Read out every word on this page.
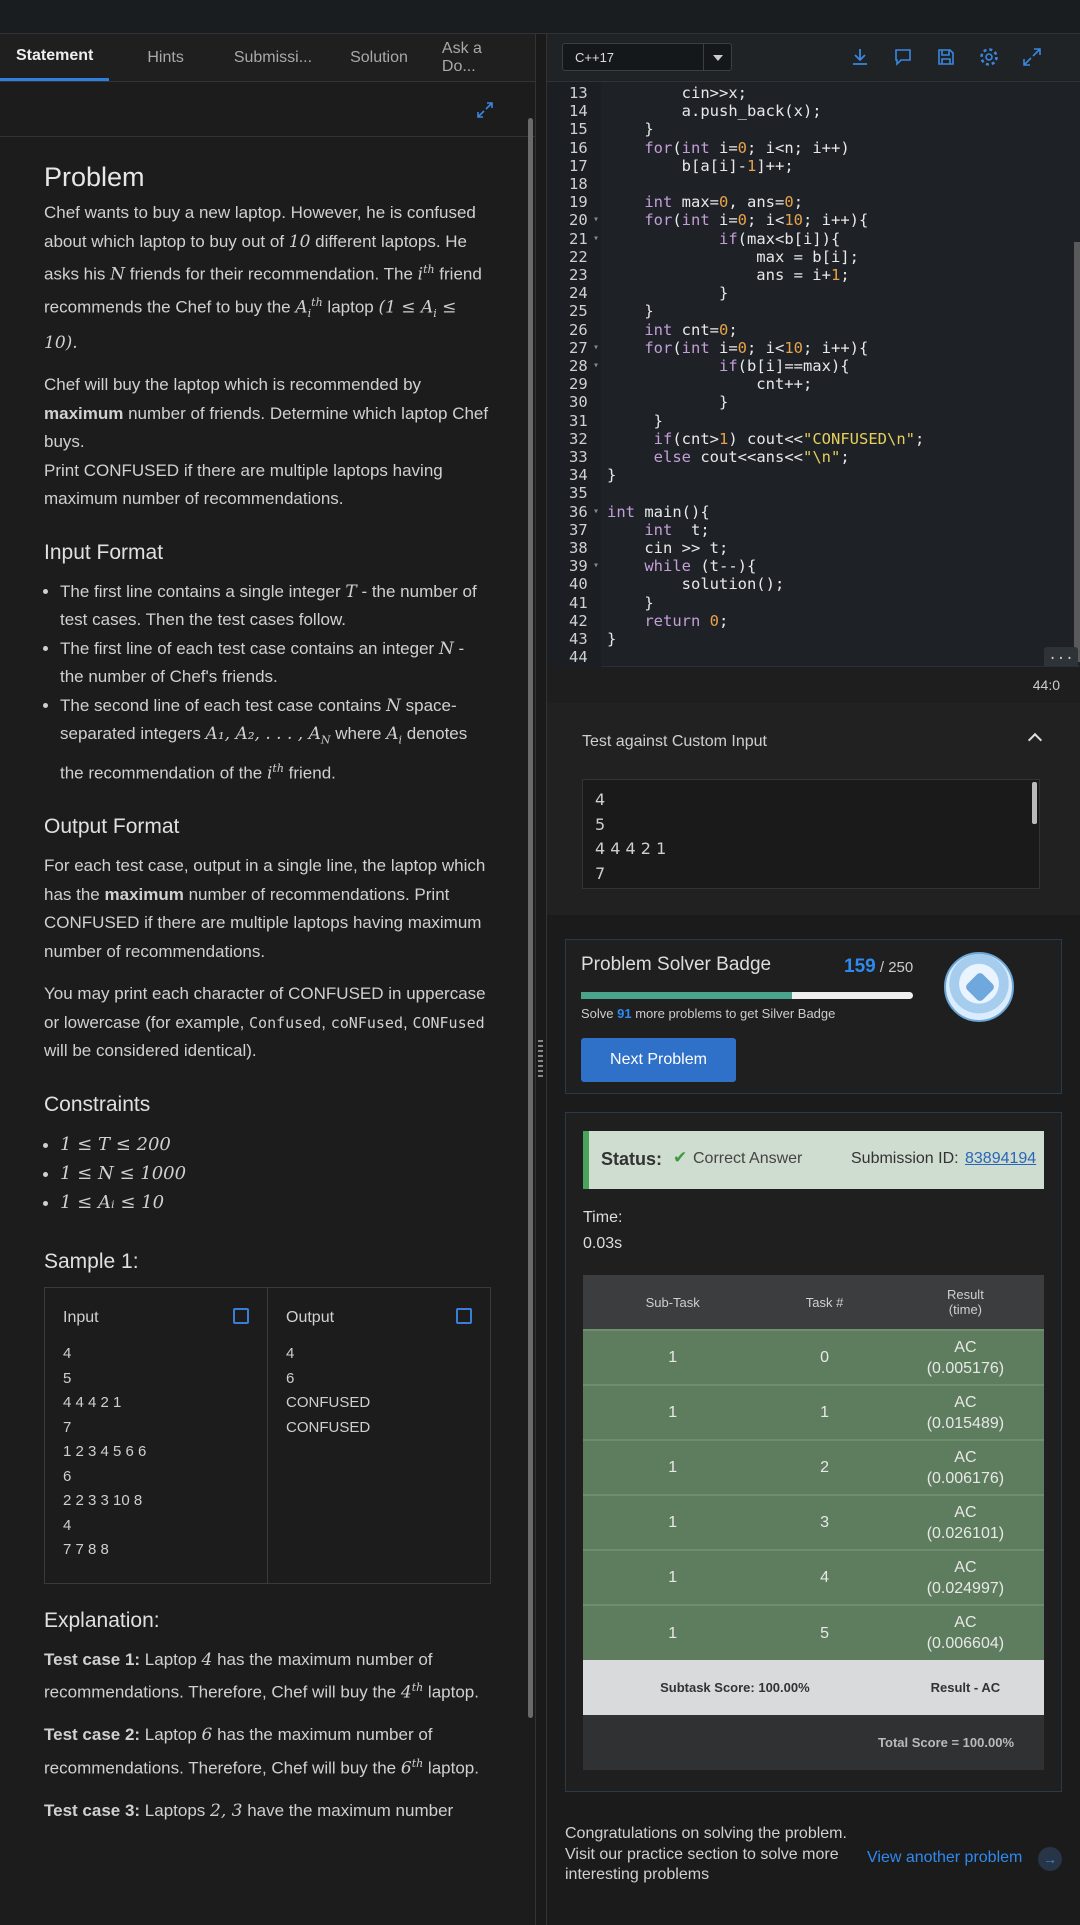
Statement	Hints	Submissi...	Solution
Ask a Do...
Problem

Chef wants to buy a new laptop. However, he is confused about which laptop to buy out of 10 different laptops. He asks his N friends for their recommendation. The $i^{th}$ friend recommends the Chef to buy the $A_i^{th}$ laptop $(1 \le A_i \le 10)$.

Chef will buy the laptop which is recommended by maximum number of friends. Determine which laptop Chef buys.

Print CONFUSED if there are multiple laptops having maximum number of recommendations.

Input Format
• The first line contains a single integer T - the number of test cases. Then the test cases follow.
• The first line of each test case contains an integer N - the number of Chef's friends.
• The second line of each test case contains N space-separated integers A₁, A₂, . . . , $A_N$ where $A_i$ denotes the recommendation of the $i^{th}$ friend.
Output Format

For each test case, output in a single line, the laptop which has the maximum number of recommendations. Print CONFUSED if there are multiple laptops having maximum number of recommendations.

You may print each character of CONFUSED in uppercase or lowercase (for example, Confused, coNFused, CONFused will be considered identical).

Constraints
• 1 ≤ T ≤ 200
• 1 ≤ N ≤ 1000
• 1 ≤ Aᵢ ≤ 10
Sample 1:
Input
4
5
4 4 4 2 1
7
1 2 3 4 5 6 6
6
2 2 3 3 10 8
4
7 7 8 8
Output
4
6
CONFUSED
CONFUSED
Explanation:

Test case 1: Laptop 4 has the maximum number of recommendations. Therefore, Chef will buy the 4th laptop.

Test case 2: Laptop 6 has the maximum number of recommendations. Therefore, Chef will buy the 6th laptop.

Test case 3: Laptops 2, 3 have the maximum number

C++17
...
13	cin>>x;
14	a.push_back(x);
15	}
16	for(int i=0; i<n; i++)
17	b[a[i]-1]++;
18
19	int max=0, ans=0;
20 ▾	for(int i=0; i<10; i++){
21 ▾	if(max<b[i]){
22	max = b[i];
23	ans = i+1;
24	}
25	}
26	int cnt=0;
27 ▾	for(int i=0; i<10; i++){
28 ▾	if(b[i]==max){
29	cnt++;
30	}
31	}
32	if(cnt>1) cout<<"CONFUSED\n";
33	else cout<<ans<<"\n";
34	}
35
36 ▾ int main(){
37	int  t;
38	cin >> t;
39 ▾	while (t--){
40	solution();
41	}
42	return 0;
43	}
44
44:0
Test against Custom Input
4
5
4 4 4 2 1
7
Problem Solver Badge	159 / 250
Solve 91 more problems to get Silver Badge
Next Problem
Status: ✔ Correct Answer	Submission ID: 83894194
Time:
0.03s
Sub-Task	Task #	Result
(time)
1	0	AC
(0.005176)

1	1	AC
(0.015489)

1	2	AC
(0.006176)

1	3	AC
(0.026101)

1	4	AC
(0.024997)

1	5	AC
(0.006604)

Subtask Score: 100.00%		Result - AC
Total Score = 100.00%		
Congratulations on solving the problem. Visit our practice section to solve more interesting problems
View another problem	→
